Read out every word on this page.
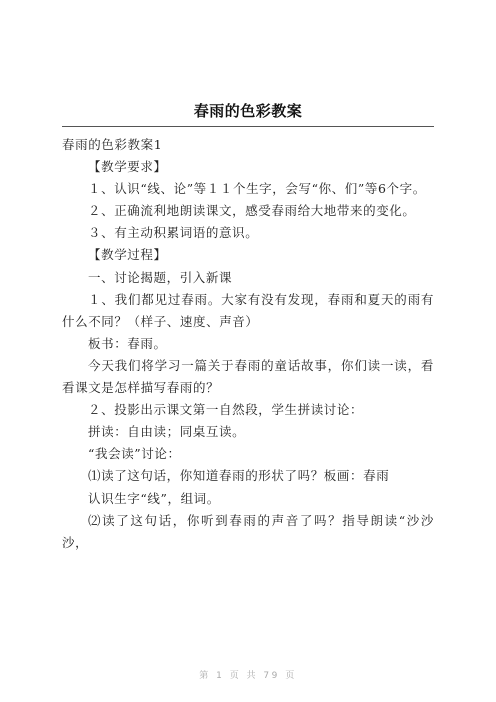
春雨的色彩教案

春雨的色彩教案1

【教学要求】

１、认识“线、论”等１１个生字，会写“你、们”等6个字。

２、正确流利地朗读课文，感受春雨给大地带来的变化。

３、有主动积累词语的意识。

【教学过程】

一、讨论揭题，引入新课

１、我们都见过春雨。大家有没有发现，春雨和夏天的雨有什么不同？（样子、速度、声音）

板书：春雨。

今天我们将学习一篇关于春雨的童话故事，你们读一读，看看课文是怎样描写春雨的？

２、投影出示课文第一自然段，学生拼读讨论：

拼读：自由读；同桌互读。

“我会读”讨论：

⑴读了这句话，你知道春雨的形状了吗？板画：春雨

认识生字“线”，组词。

⑵读了这句话，你听到春雨的声音了吗？指导朗读“沙沙沙，

第 1 页 共 79 页
